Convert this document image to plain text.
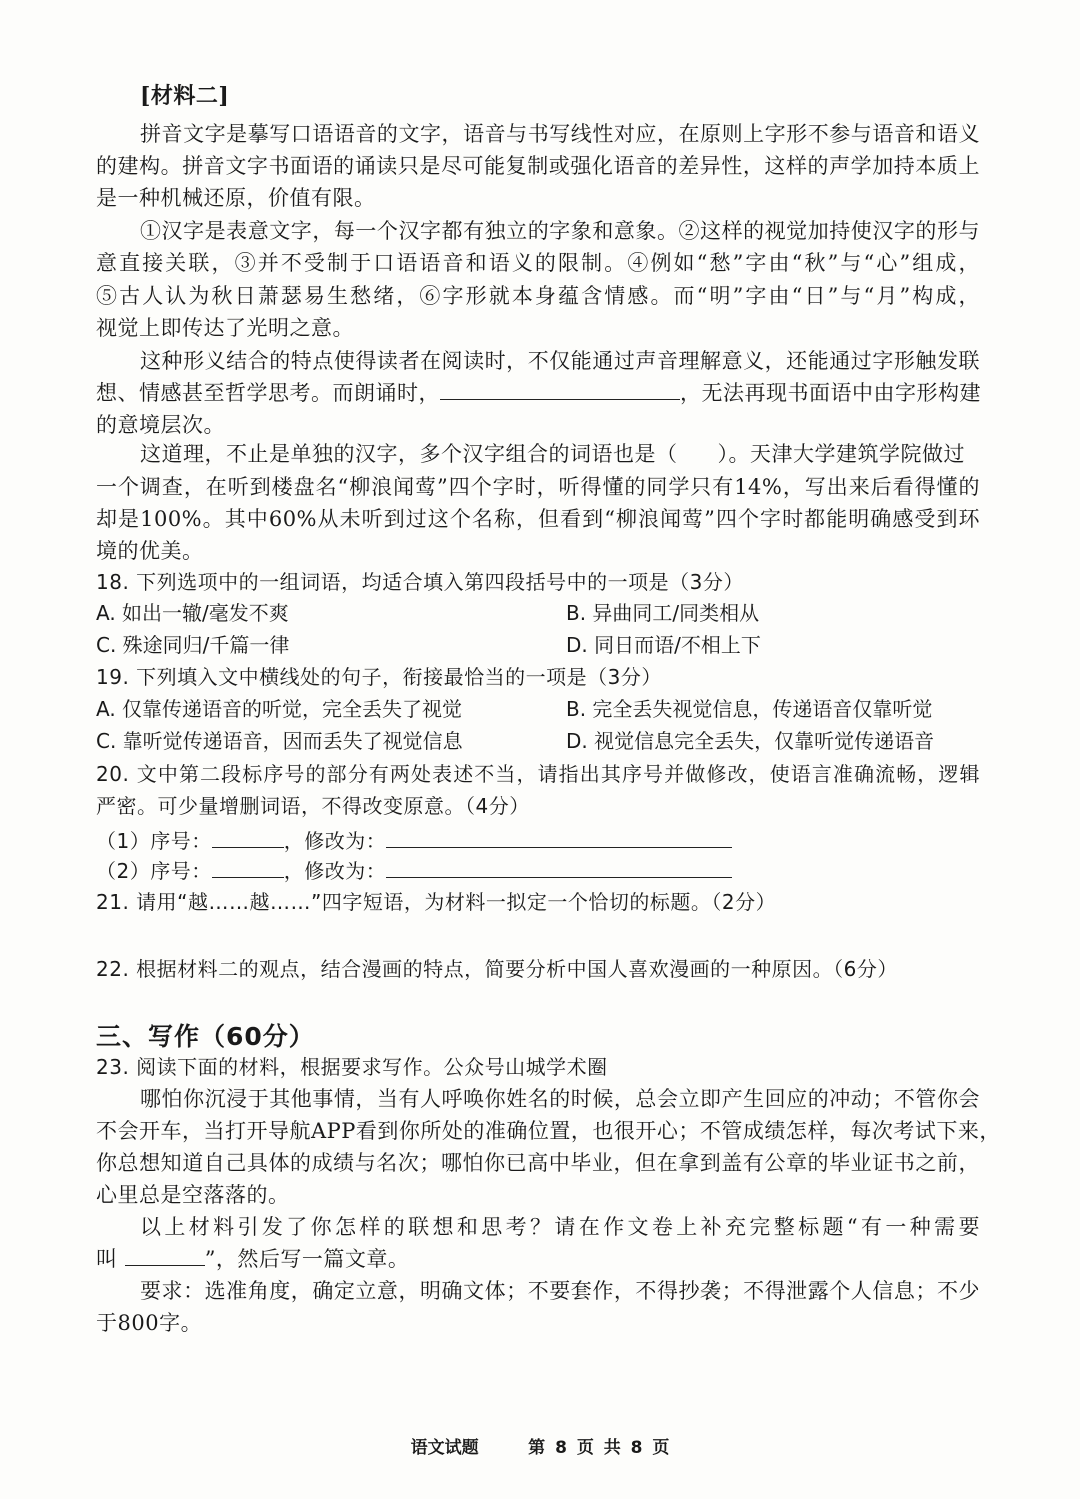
[材料二]
拼音文字是摹写口语语音的文字，语音与书写线性对应，在原则上字形不参与语音和语义
的建构。拼音文字书面语的诵读只是尽可能复制或强化语音的差异性，这样的声学加持本质上
是一种机械还原，价值有限。
①汉字是表意文字，每一个汉字都有独立的字象和意象。②这样的视觉加持使汉字的形与
意直接关联，③并不受制于口语语音和语义的限制。④例如“愁”字由“秋”与“心”组成，
⑤古人认为秋日萧瑟易生愁绪，⑥字形就本身蕴含情感。而“明”字由“日”与“月”构成，
视觉上即传达了光明之意。
这种形义结合的特点使得读者在阅读时，不仅能通过声音理解意义，还能通过字形触发联
想、情感甚至哲学思考。而朗诵时，	，无法再现书面语中由字形构建
的意境层次。
这道理，不止是单独的汉字，多个汉字组合的词语也是（ ）。天津大学建筑学院做过
一个调查，在听到楼盘名“柳浪闻莺”四个字时，听得懂的同学只有14%，写出来后看得懂的
却是100%。其中60%从未听到过这个名称，但看到“柳浪闻莺”四个字时都能明确感受到环
境的优美。
18. 下列选项中的一组词语，均适合填入第四段括号中的一项是（3分）
A. 如出一辙/毫发不爽	B. 异曲同工/同类相从
C. 殊途同归/千篇一律	D. 同日而语/不相上下
19. 下列填入文中横线处的句子，衔接最恰当的一项是（3分）
A. 仅靠传递语音的听觉，完全丢失了视觉	B. 完全丢失视觉信息，传递语音仅靠听觉
C. 靠听觉传递语音，因而丢失了视觉信息	D. 视觉信息完全丢失，仅靠听觉传递语音
20. 文中第二段标序号的部分有两处表述不当，请指出其序号并做修改，使语言准确流畅，逻辑
严密。可少量增删词语，不得改变原意。（4分）
（1）序号：	，修改为：
（2）序号：	，修改为：
21. 请用“越……越……”四字短语，为材料一拟定一个恰切的标题。（2分）
22. 根据材料二的观点，结合漫画的特点，简要分析中国人喜欢漫画的一种原因。（6分）
三、写作（60分）
23. 阅读下面的材料，根据要求写作。公众号山城学术圈
哪怕你沉浸于其他事情，当有人呼唤你姓名的时候，总会立即产生回应的冲动；不管你会
不会开车，当打开导航APP看到你所处的准确位置，也很开心；不管成绩怎样，每次考试下来，
你总想知道自己具体的成绩与名次；哪怕你已高中毕业，但在拿到盖有公章的毕业证书之前，
心里总是空落落的。
以上材料引发了你怎样的联想和思考？请在作文卷上补充完整标题“有一种需要
叫	”，然后写一篇文章。
要求：选准角度，确定立意，明确文体；不要套作，不得抄袭；不得泄露个人信息；不少
于800字。
语文试题	第 8 页 共 8 页
